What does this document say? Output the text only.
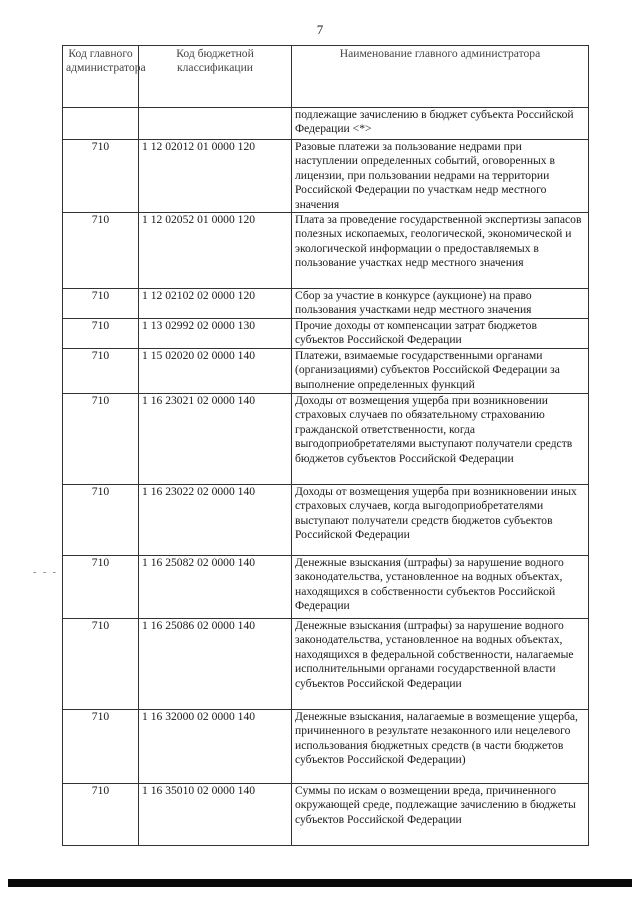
7
Код главного администратора	Код бюджетной классификации	Наименование главного администратора
		подлежащие зачислению в бюджет субъекта Российской Федерации <*>
710	1 12 02012 01 0000 120	Разовые платежи за пользование недрами при наступлении определенных событий, оговоренных в лицензии, при пользовании недрами на территории Российской Федерации по участкам недр местного значения
710	1 12 02052 01 0000 120	Плата за проведение государственной экспертизы запасов полезных ископаемых, геологической, экономической и экологической информации о предоставляемых в пользование участках недр местного значения
710	1 12 02102 02 0000 120	Сбор за участие в конкурсе (аукционе) на право пользования участками недр местного значения
710	1 13 02992 02 0000 130	Прочие доходы от компенсации затрат бюджетов субъектов Российской Федерации
710	1 15 02020 02 0000 140	Платежи, взимаемые государственными органами (организациями) субъектов Российской Федерации за выполнение определенных функций
710	1 16 23021 02 0000 140	Доходы от возмещения ущерба при возникновении страховых случаев по обязательному страхованию гражданской ответственности, когда выгодоприобретателями выступают получатели средств бюджетов субъектов Российской Федерации
710	1 16 23022 02 0000 140	Доходы от возмещения ущерба при возникновении иных страховых случаев, когда выгодоприобретателями выступают получатели средств бюджетов субъектов Российской Федерации
710	1 16 25082 02 0000 140	Денежные взыскания (штрафы) за нарушение водного законодательства, установленное на водных объектах, находящихся в собственности субъектов Российской Федерации
710	1 16 25086 02 0000 140	Денежные взыскания (штрафы) за нарушение водного законодательства, установленное на водных объектах, находящихся в федеральной собственности, налагаемые исполнительными органами государственной власти субъектов Российской Федерации
710	1 16 32000 02 0000 140	Денежные взыскания, налагаемые в возмещение ущерба, причиненного в результате незаконного или нецелевого использования бюджетных средств (в части бюджетов субъектов Российской Федерации)
710	1 16 35010 02 0000 140	Суммы по искам о возмещении вреда, причиненного окружающей среде, подлежащие зачислению в бюджеты субъектов Российской Федерации
- - -
